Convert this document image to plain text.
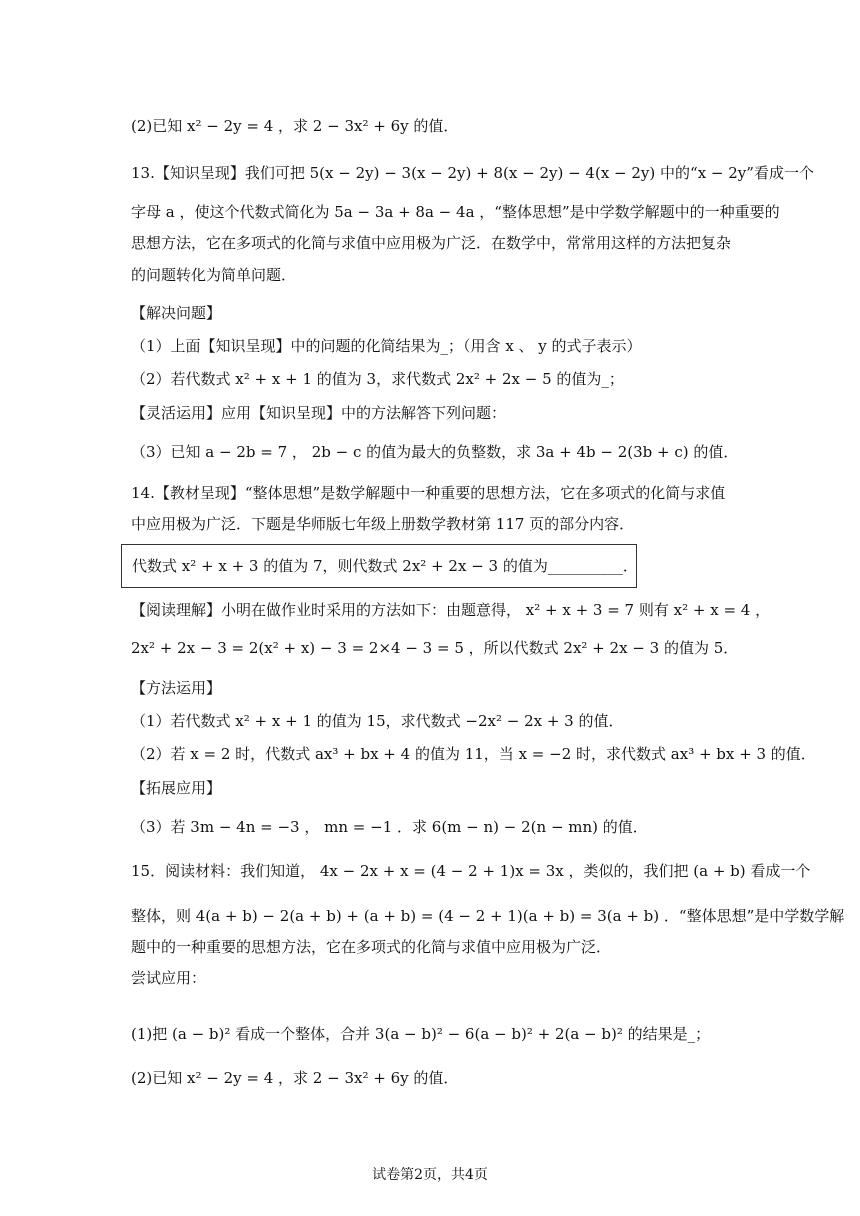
(2)已知 x² − 2y = 4 ，求 2 − 3x² + 6y 的值．
13.【知识呈现】我们可把 5(x − 2y) − 3(x − 2y) + 8(x − 2y) − 4(x − 2y) 中的“x − 2y”看成一个
字母 a ，使这个代数式简化为 5a − 3a + 8a − 4a ，“整体思想”是中学数学解题中的一种重要的
思想方法，它在多项式的化简与求值中应用极为广泛．在数学中，常常用这样的方法把复杂
的问题转化为简单问题．
【解决问题】
（1）上面【知识呈现】中的问题的化简结果为_；（用含 x 、 y 的式子表示）
（2）若代数式 x² + x + 1 的值为 3，求代数式 2x² + 2x − 5 的值为_；
【灵活运用】应用【知识呈现】中的方法解答下列问题：
（3）已知 a − 2b = 7 ， 2b − c 的值为最大的负整数，求 3a + 4b − 2(3b + c) 的值．
14.【教材呈现】“整体思想”是数学解题中一种重要的思想方法，它在多项式的化简与求值
中应用极为广泛．下题是华师版七年级上册数学教材第 117 页的部分内容．
代数式 x² + x + 3 的值为 7，则代数式 2x² + 2x − 3 的值为__________．
【阅读理解】小明在做作业时采用的方法如下：由题意得， x² + x + 3 = 7 则有 x² + x = 4 ，
2x² + 2x − 3 = 2(x² + x) − 3 = 2×4 − 3 = 5 ，所以代数式 2x² + 2x − 3 的值为 5．
【方法运用】
（1）若代数式 x² + x + 1 的值为 15，求代数式 −2x² − 2x + 3 的值．
（2）若 x = 2 时，代数式 ax³ + bx + 4 的值为 11，当 x = −2 时，求代数式 ax³ + bx + 3 的值．
【拓展应用】
（3）若 3m − 4n = −3 ， mn = −1 ．求 6(m − n) − 2(n − mn) 的值．
15．阅读材料：我们知道， 4x − 2x + x = (4 − 2 + 1)x = 3x ，类似的，我们把 (a + b) 看成一个
整体，则 4(a + b) − 2(a + b) + (a + b) = (4 − 2 + 1)(a + b) = 3(a + b) ．“整体思想”是中学数学解
题中的一种重要的思想方法，它在多项式的化简与求值中应用极为广泛．
尝试应用：
(1)把 (a − b)² 看成一个整体，合并 3(a − b)² − 6(a − b)² + 2(a − b)² 的结果是_；
(2)已知 x² − 2y = 4 ，求 2 − 3x² + 6y 的值．
试卷第2页，共4页
